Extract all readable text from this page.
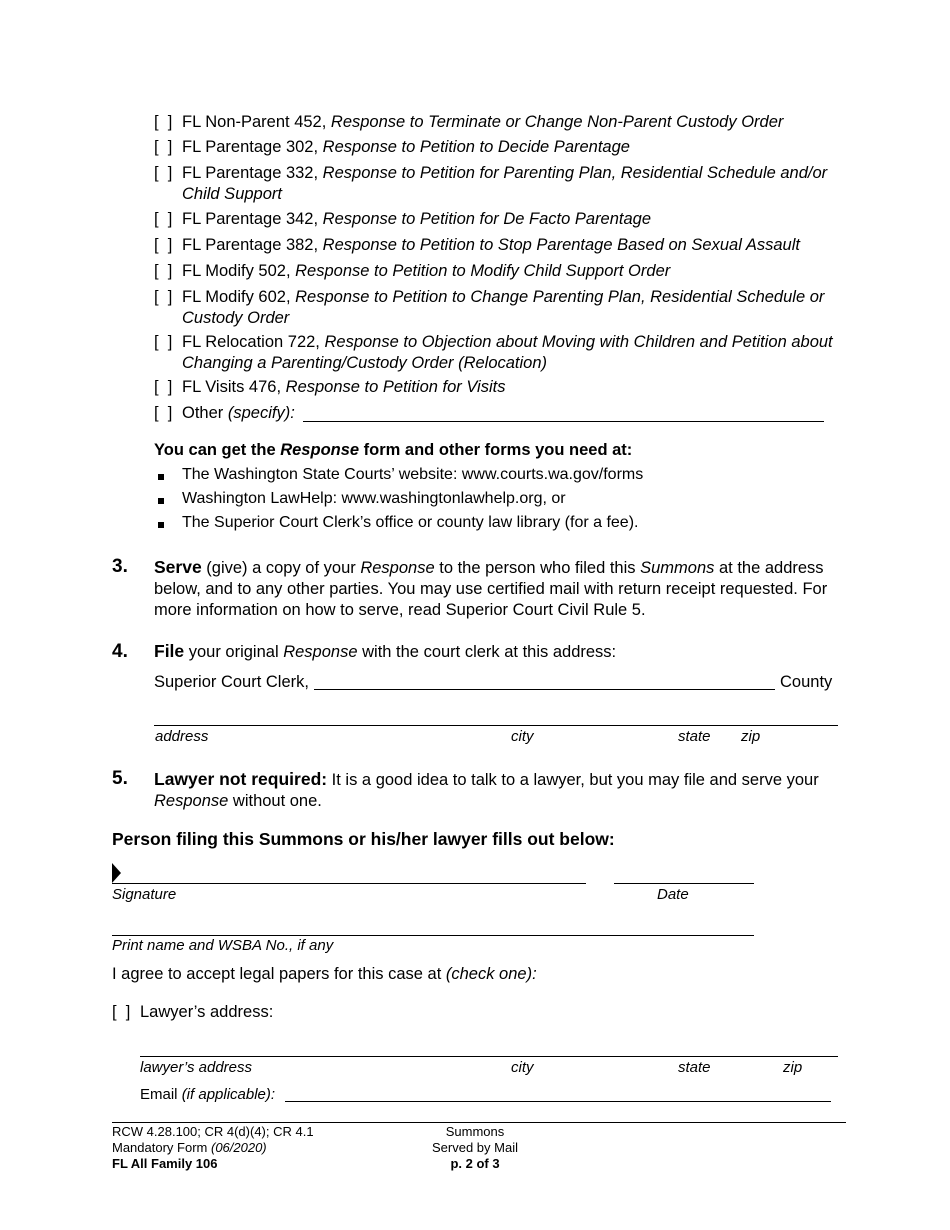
[  ] FL Non-Parent 452, Response to Terminate or Change Non-Parent Custody Order
[  ] FL Parentage 302, Response to Petition to Decide Parentage
[  ] FL Parentage 332, Response to Petition for Parenting Plan, Residential Schedule and/or Child Support
[  ] FL Parentage 342, Response to Petition for De Facto Parentage
[  ] FL Parentage 382, Response to Petition to Stop Parentage Based on Sexual Assault
[  ] FL Modify 502, Response to Petition to Modify Child Support Order
[  ] FL Modify 602, Response to Petition to Change Parenting Plan, Residential Schedule or Custody Order
[  ] FL Relocation 722, Response to Objection about Moving with Children and Petition about Changing a Parenting/Custody Order (Relocation)
[  ] FL Visits 476, Response to Petition for Visits
[  ] Other (specify):
You can get the Response form and other forms you need at:
The Washington State Courts’ website: www.courts.wa.gov/forms
Washington LawHelp: www.washingtonlawhelp.org, or
The Superior Court Clerk’s office or county law library (for a fee).
3. Serve (give) a copy of your Response to the person who filed this Summons at the address below, and to any other parties. You may use certified mail with return receipt requested. For more information on how to serve, read Superior Court Civil Rule 5.
4. File your original Response with the court clerk at this address:
Superior Court Clerk,	County
address	city	state zip
5. Lawyer not required: It is a good idea to talk to a lawyer, but you may file and serve your Response without one.
Person filing this Summons or his/her lawyer fills out below:
Signature	Date
Print name and WSBA No., if any
I agree to accept legal papers for this case at (check one):
[  ] Lawyer’s address:
lawyer’s address	city	state	zip
Email (if applicable):
RCW 4.28.100; CR 4(d)(4); CR 4.1
Mandatory Form (06/2020)
FL All Family 106
Summons
Served by Mail
p. 2 of 3
